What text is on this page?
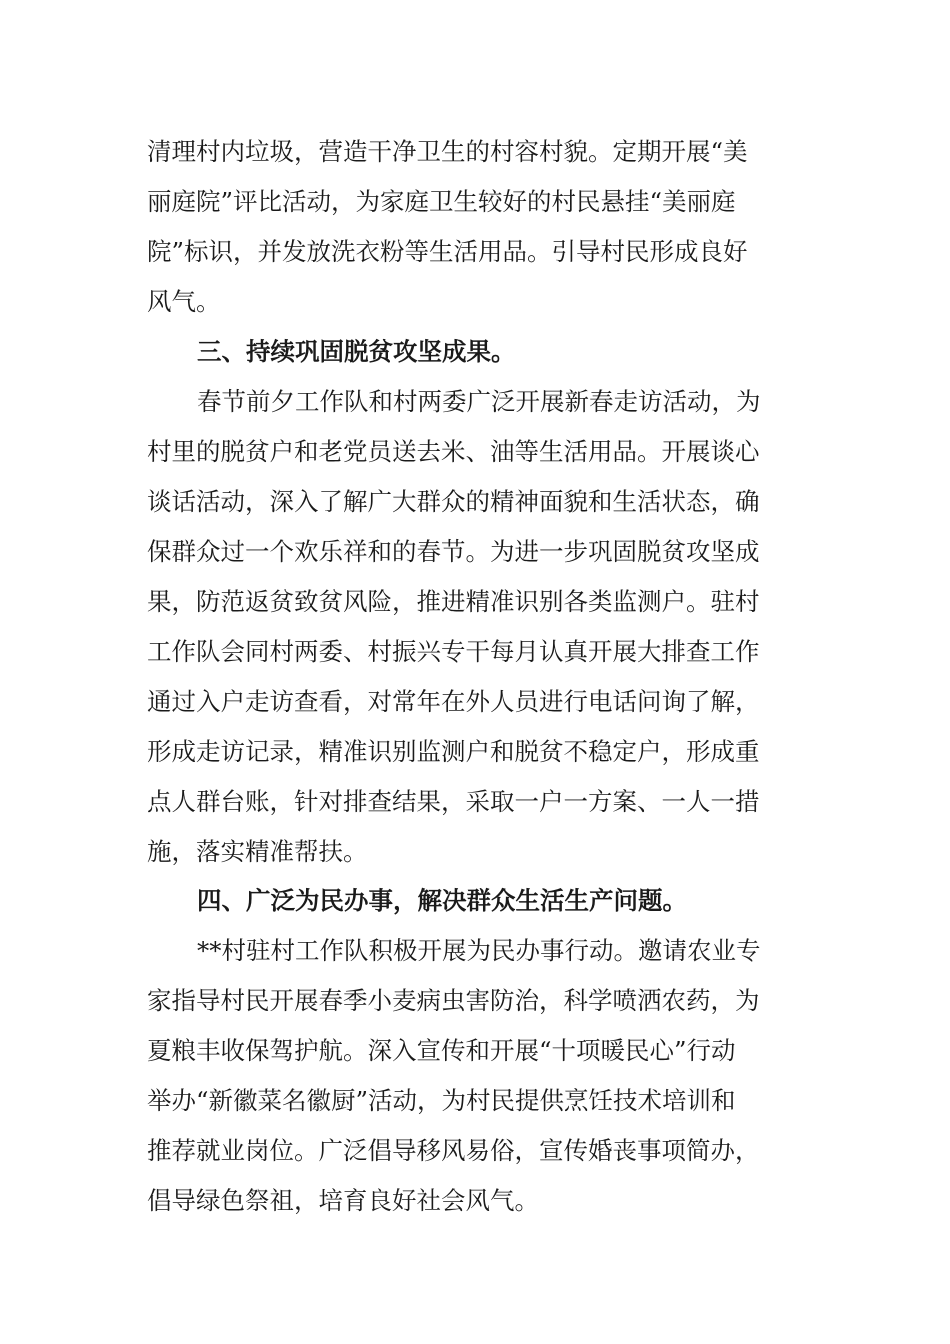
清理村内垃圾，营造干净卫生的村容村貌。定期开展“美
丽庭院”评比活动，为家庭卫生较好的村民悬挂“美丽庭
院”标识，并发放洗衣粉等生活用品。引导村民形成良好
风气。
三、持续巩固脱贫攻坚成果。
春节前夕工作队和村两委广泛开展新春走访活动，为
村里的脱贫户和老党员送去米、油等生活用品。开展谈心
谈话活动，深入了解广大群众的精神面貌和生活状态，确
保群众过一个欢乐祥和的春节。为进一步巩固脱贫攻坚成
果，防范返贫致贫风险，推进精准识别各类监测户。驻村
工作队会同村两委、村振兴专干每月认真开展大排查工作
通过入户走访查看，对常年在外人员进行电话问询了解，
形成走访记录，精准识别监测户和脱贫不稳定户，形成重
点人群台账，针对排查结果，采取一户一方案、一人一措
施，落实精准帮扶。
四、广泛为民办事，解决群众生活生产问题。
**村驻村工作队积极开展为民办事行动。邀请农业专
家指导村民开展春季小麦病虫害防治，科学喷洒农药，为
夏粮丰收保驾护航。深入宣传和开展“十项暖民心”行动
举办“新徽菜名徽厨”活动，为村民提供烹饪技术培训和
推荐就业岗位。广泛倡导移风易俗，宣传婚丧事项简办，
倡导绿色祭祖，培育良好社会风气。
